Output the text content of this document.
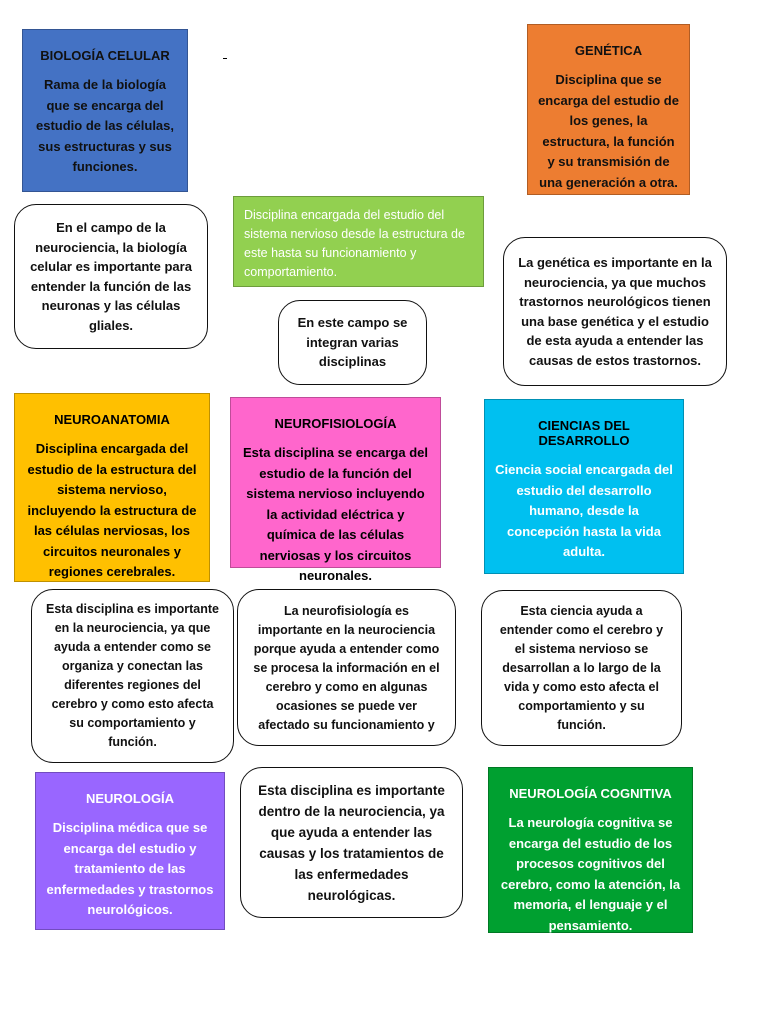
BIOLOGÍA CELULAR
Rama de la biología que se encarga del estudio de las células, sus estructuras y sus funciones.
GENÉTICA
Disciplina que se encarga del estudio de los genes, la estructura, la función y su transmisión de una generación a otra.
Disciplina encargada del estudio del sistema nervioso desde la estructura de este hasta su funcionamiento y comportamiento.
En el campo de la neurociencia, la biología celular es importante para entender la función de las neuronas y las células gliales.	En este campo se integran varias disciplinas
La genética es importante en la neurociencia, ya que muchos trastornos neurológicos tienen una base genética y el estudio de esta ayuda a entender las causas de estos trastornos.
NEUROANATOMIA
Disciplina encargada del estudio de la estructura del sistema nervioso, incluyendo la estructura de las células nerviosas, los circuitos neuronales y regiones cerebrales.
NEUROFISIOLOGÍA
Esta disciplina se encarga del estudio de la función del sistema nervioso incluyendo la actividad eléctrica y química de las células nerviosas y los circuitos neuronales.
CIENCIAS DEL DESARROLLO
Ciencia social encargada del estudio del desarrollo humano, desde la concepción hasta la vida adulta.
Esta disciplina es importante en la neurociencia, ya que ayuda a entender como se organiza y conectan las diferentes regiones del cerebro y como esto afecta su comportamiento y función.
La neurofisiología es importante en la neurociencia porque ayuda a entender como se procesa la información en el cerebro y como en algunas ocasiones se puede ver afectado su funcionamiento y
Esta ciencia ayuda a entender como el cerebro y el sistema nervioso se desarrollan a lo largo de la vida y como esto afecta el comportamiento y su función.
NEUROLOGÍA
Disciplina médica que se encarga del estudio y tratamiento de las enfermedades y trastornos neurológicos.
Esta disciplina es importante dentro de la neurociencia, ya que ayuda a entender las causas y los tratamientos de las enfermedades neurológicas.
NEUROLOGÍA COGNITIVA
La neurología cognitiva se encarga del estudio de los procesos cognitivos del cerebro, como la atención, la memoria, el lenguaje y el pensamiento.
